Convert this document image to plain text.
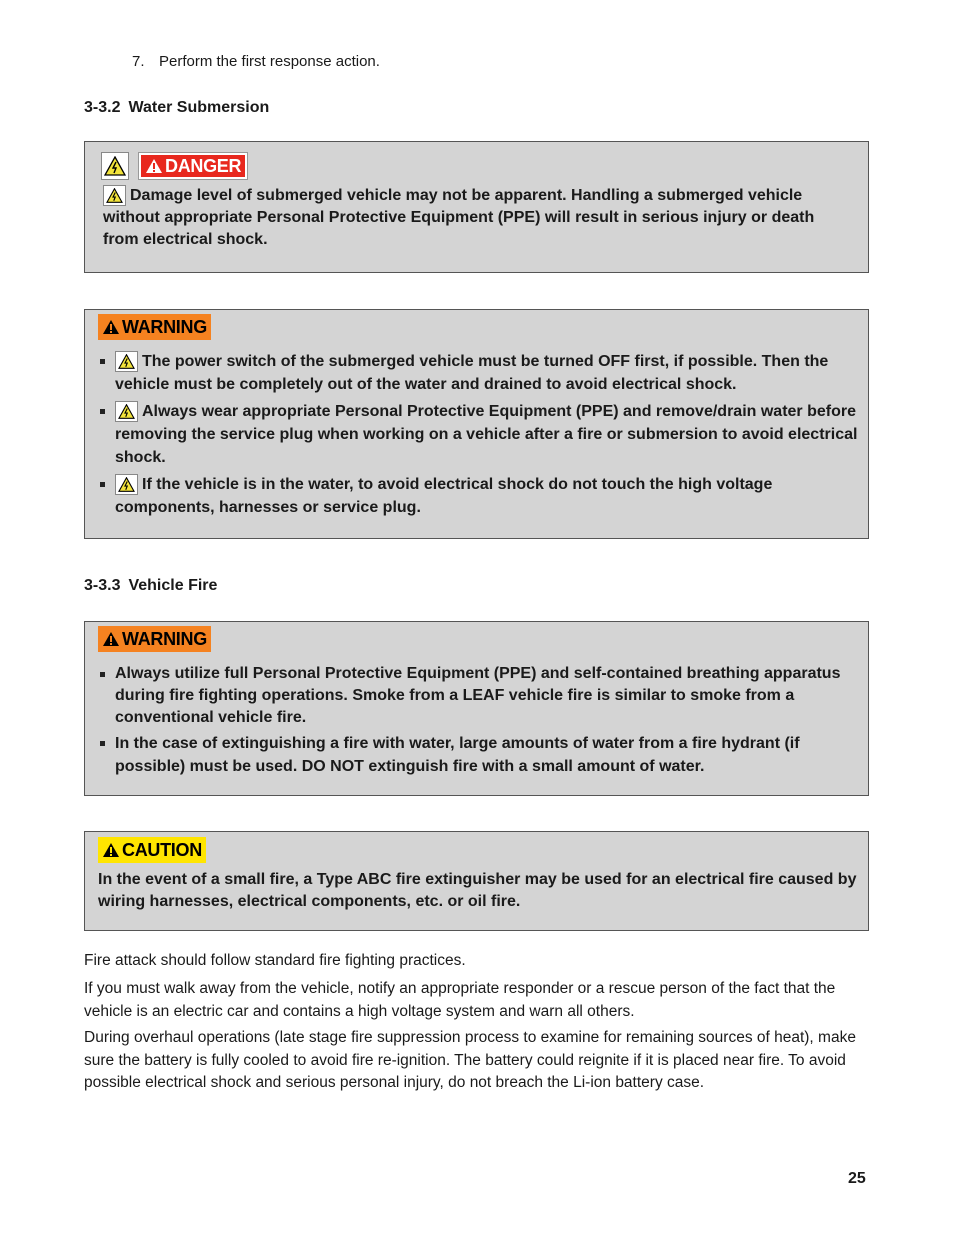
7. Perform the first response action.
3-3.2 Water Submersion
DANGER
Damage level of submerged vehicle may not be apparent. Handling a submerged vehicle without appropriate Personal Protective Equipment (PPE) will result in serious injury or death from electrical shock.
WARNING
The power switch of the submerged vehicle must be turned OFF first, if possible. Then the vehicle must be completely out of the water and drained to avoid electrical shock.
Always wear appropriate Personal Protective Equipment (PPE) and remove/drain water before removing the service plug when working on a vehicle after a fire or submersion to avoid electrical shock.
If the vehicle is in the water, to avoid electrical shock do not touch the high voltage components, harnesses or service plug.
3-3.3 Vehicle Fire
WARNING
Always utilize full Personal Protective Equipment (PPE) and self-contained breathing apparatus during fire fighting operations. Smoke from a LEAF vehicle fire is similar to smoke from a conventional vehicle fire.
In the case of extinguishing a fire with water, large amounts of water from a fire hydrant (if possible) must be used. DO NOT extinguish fire with a small amount of water.
CAUTION
In the event of a small fire, a Type ABC fire extinguisher may be used for an electrical fire caused by wiring harnesses, electrical components, etc. or oil fire.

Fire attack should follow standard fire fighting practices.

If you must walk away from the vehicle, notify an appropriate responder or a rescue person of the fact that the vehicle is an electric car and contains a high voltage system and warn all others.

During overhaul operations (late stage fire suppression process to examine for remaining sources of heat), make sure the battery is fully cooled to avoid fire re-ignition. The battery could reignite if it is placed near fire. To avoid possible electrical shock and serious personal injury, do not breach the Li-ion battery case.

25
